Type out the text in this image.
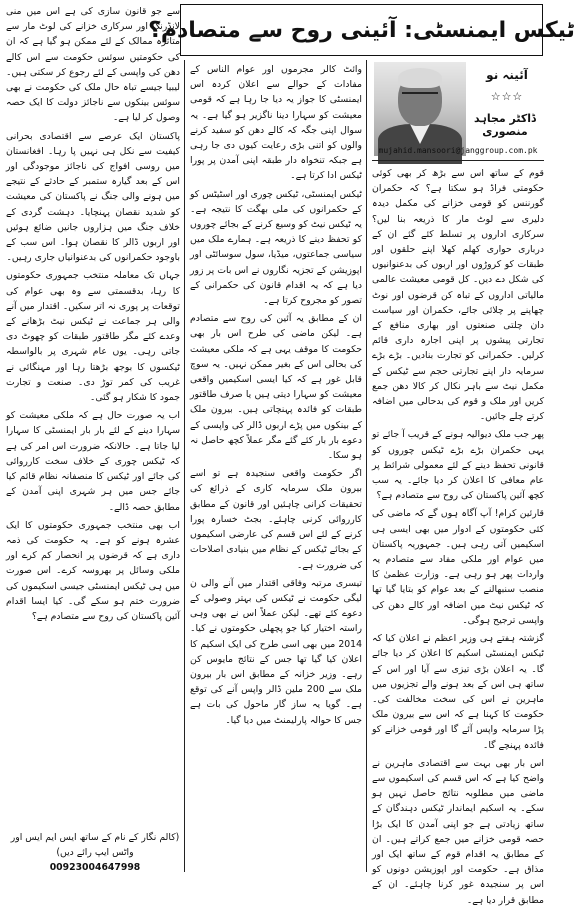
ٹیکس ایمنسٹی: آئینی روح سے متصادم؟
آئینہ نو
☆☆☆
ڈاکٹر مجاہد منصوری
mujahid.mansoori@janggroup.com.pk

قوم کے ساتھ اس سے بڑھ کر بھی کوئی حکومتی فراڈ ہو سکتا ہے؟ کہ حکمران گورننس کو قومی خزانے کی مکمل دیدہ دلیری سے لوٹ مار کا ذریعہ بنا لیں؟ سرکاری اداروں پر تسلط کئے گئے ان کے درباری حواری کھلم کھلا اپنے حلقوں اور طبقات کو کروڑوں اور اربوں کی بدعنوانیوں کی شکل دے دیں۔ کل قومی معیشت عالمی مالیاتی اداروں کے تباہ کن قرضوں اور نوٹ چھاپنے پر چلائی جائے، حکمران اور سیاست دان چلتی صنعتوں اور بھاری منافع کے تجارتی پیشوں پر اپنی اجارہ داری قائم کرلیں۔ حکمرانی کو تجارت بنادیں۔ بڑے بڑے سرمایہ دار اپنے تجارتی حجم سے ٹیکس کے مکمل نیٹ سے باہر نکال کر کالا دھن جمع کریں اور ملک و قوم کی بدحالی میں اضافہ کرتے چلے جائیں۔

پھر جب ملک دیوالیہ ہونے کے قریب آ جائے تو یہی حکمران بڑے بڑے ٹیکس چوروں کو قانونی تحفظ دینے کے لئے معمولی شرائط پر عام معافی کا اعلان کر دیا جائے۔ یہ سب کچھ آئین پاکستان کی روح سے متصادم ہے؟

قارئین کرام! آپ آگاہ ہوں گے کہ ماضی کی کئی حکومتوں کے ادوار میں بھی ایسی ہی اسکیمیں آتی رہی ہیں۔ جمہوریہ پاکستان میں عوام اور ملکی مفاد سے متصادم یہ واردات پھر ہو رہی ہے۔ وزارت عظمیٰ کا منصب سنبھالنے کے بعد عوام کو بتایا گیا تھا کہ ٹیکس نیٹ میں اضافہ اور کالے دھن کی واپسی ترجیح ہوگی۔

گزشتہ ہفتے ہی وزیر اعظم نے اعلان کیا کہ ٹیکس ایمنسٹی اسکیم کا اعلان کر دیا جائے گا۔ یہ اعلان بڑی تیزی سے آیا اور اس کے ساتھ ہی اس کے بعد ہونے والے تجزیوں میں ماہرین نے اس کی سخت مخالفت کی۔ حکومت کا کہنا ہے کہ اس سے بیرون ملک پڑا سرمایہ واپس آئے گا اور قومی خزانے کو فائدہ پہنچے گا۔

اس بار بھی بہت سے اقتصادی ماہرین نے واضح کیا ہے کہ اس قسم کی اسکیموں سے ماضی میں مطلوبہ نتائج حاصل نہیں ہو سکے۔ یہ اسکیم ایماندار ٹیکس دہندگان کے ساتھ زیادتی ہے جو اپنی آمدن کا ایک بڑا حصہ قومی خزانے میں جمع کراتے ہیں۔ ان کے مطابق یہ اقدام قوم کے ساتھ ایک اور مذاق ہے۔ حکومت اور اپوزیشن دونوں کو اس پر سنجیدہ غور کرنا چاہئے۔ ان کے مطابق قرار دیا ہے۔

وائٹ کالر مجرموں اور عوام الناس کے مفادات کے حوالے سے اعلان کردہ اس ایمنسٹی کا جواز یہ دیا جا رہا ہے کہ قومی معیشت کو سہارا دینا ناگزیر ہو گیا ہے۔ یہ سوال اپنی جگہ کہ کالے دھن کو سفید کرنے والوں کو اتنی بڑی رعایت کیوں دی جا رہی ہے جبکہ تنخواہ دار طبقہ اپنی آمدن پر پورا ٹیکس ادا کرتا ہے۔

ٹیکس ایمنسٹی، ٹیکس چوری اور اسٹیٹس کو کے حکمرانوں کی ملی بھگت کا نتیجہ ہے۔ یہ ٹیکس نیٹ کو وسیع کرنے کے بجائے چوروں کو تحفظ دینے کا ذریعہ ہے۔ ہمارے ملک میں سیاسی جماعتوں، میڈیا، سول سوسائٹی اور اپوزیشن کے تجزیہ نگاروں نے اس بات پر زور دیا ہے کہ یہ اقدام قانون کی حکمرانی کے تصور کو مجروح کرتا ہے۔

ان کے مطابق یہ آئین کی روح سے متصادم ہے۔ لیکن ماضی کی طرح اس بار بھی حکومت کا موقف یہی ہے کہ ملکی معیشت کی بحالی اس کے بغیر ممکن نہیں۔ یہ سوچ قابل غور ہے کہ کیا ایسی اسکیمیں واقعی معیشت کو سہارا دیتی ہیں یا صرف طاقتور طبقات کو فائدہ پہنچاتی ہیں۔ بیرون ملک کے بینکوں میں پڑے اربوں ڈالر کی واپسی کے دعوے بار بار کئے گئے مگر عملاً کچھ حاصل نہ ہو سکا۔

اگر حکومت واقعی سنجیدہ ہے تو اسے بیرون ملک سرمایہ کاری کے ذرائع کی تحقیقات کرانی چاہئیں اور قانون کے مطابق کارروائی کرنی چاہئے۔ بجٹ خسارہ پورا کرنے کے لئے اس قسم کی عارضی اسکیموں کے بجائے ٹیکس کے نظام میں بنیادی اصلاحات کی ضرورت ہے۔

تیسری مرتبہ وفاقی اقتدار میں آنے والی ن لیگی حکومت نے ٹیکس کی بہتر وصولی کے دعوے کئے تھے۔ لیکن عملاً اس نے بھی وہی راستہ اختیار کیا جو پچھلی حکومتوں نے کیا۔ 2014 میں بھی اسی طرح کی ایک اسکیم کا اعلان کیا گیا تھا جس کے نتائج مایوس کن رہے۔ وزیر خزانہ کے مطابق اس بار بیرون ملک سے 200 ملین ڈالر واپس آنے کی توقع ہے۔ گویا یہ ساز گار ماحول کی بات ہے جس کا حوالہ پارلیمنٹ میں دیا گیا۔

سے جو قانون سازی کی ہے اس میں منی لانڈرنگ اور سرکاری خزانے کی لوٹ مار سے متاثرہ ممالک کے لئے ممکن ہو گیا ہے کہ ان کی حکومتیں سوئس حکومت سے اس کالے دھن کی واپسی کے لئے رجوع کر سکتی ہیں۔ لیبیا جیسے تباہ حال ملک کی حکومت نے بھی سوئس بینکوں سے ناجائز دولت کا ایک حصہ وصول کر لیا ہے۔

پاکستان ایک عرصے سے اقتصادی بحرانی کیفیت سے نکل ہی نہیں پا رہا۔ افغانستان میں روسی افواج کی ناجائز موجودگی اور اس کے بعد گیارہ ستمبر کے حادثے کے نتیجے میں ہونے والی جنگ نے پاکستان کی معیشت کو شدید نقصان پہنچایا۔ دہشت گردی کے خلاف جنگ میں ہزاروں جانیں ضائع ہوئیں اور اربوں ڈالر کا نقصان ہوا۔ اس سب کے باوجود حکمرانوں کی بدعنوانیاں جاری رہیں۔

جہاں تک معاملہ منتخب جمہوری حکومتوں کا رہا، بدقسمتی سے وہ بھی عوام کی توقعات پر پوری نہ اتر سکیں۔ اقتدار میں آنے والی ہر جماعت نے ٹیکس نیٹ بڑھانے کے وعدے کئے مگر طاقتور طبقات کو چھوٹ دی جاتی رہی۔ یوں عام شہری پر بالواسطہ ٹیکسوں کا بوجھ بڑھتا رہا اور مہنگائی نے غریب کی کمر توڑ دی۔ صنعت و تجارت جمود کا شکار ہو گئی۔

اب یہ صورت حال ہے کہ ملکی معیشت کو سہارا دینے کے لئے بار بار ایمنسٹی کا سہارا لیا جاتا ہے۔ حالانکہ ضرورت اس امر کی ہے کہ ٹیکس چوری کے خلاف سخت کارروائی کی جائے اور ٹیکس کا منصفانہ نظام قائم کیا جائے جس میں ہر شہری اپنی آمدن کے مطابق حصہ ڈالے۔

اب بھی منتخب جمہوری حکومتوں کا ایک عشرہ ہونے کو ہے۔ یہ حکومت کی ذمہ داری ہے کہ قرضوں پر انحصار کم کرے اور ملکی وسائل پر بھروسہ کرے۔ اس صورت میں ہی ٹیکس ایمنسٹی جیسی اسکیموں کی ضرورت ختم ہو سکے گی۔ کیا ایسا اقدام آئین پاکستان کی روح سے متصادم ہے؟

(کالم نگار کے نام کے ساتھ ایس ایم ایس اور واٹس ایپ رائے دیں)
00923004647998
